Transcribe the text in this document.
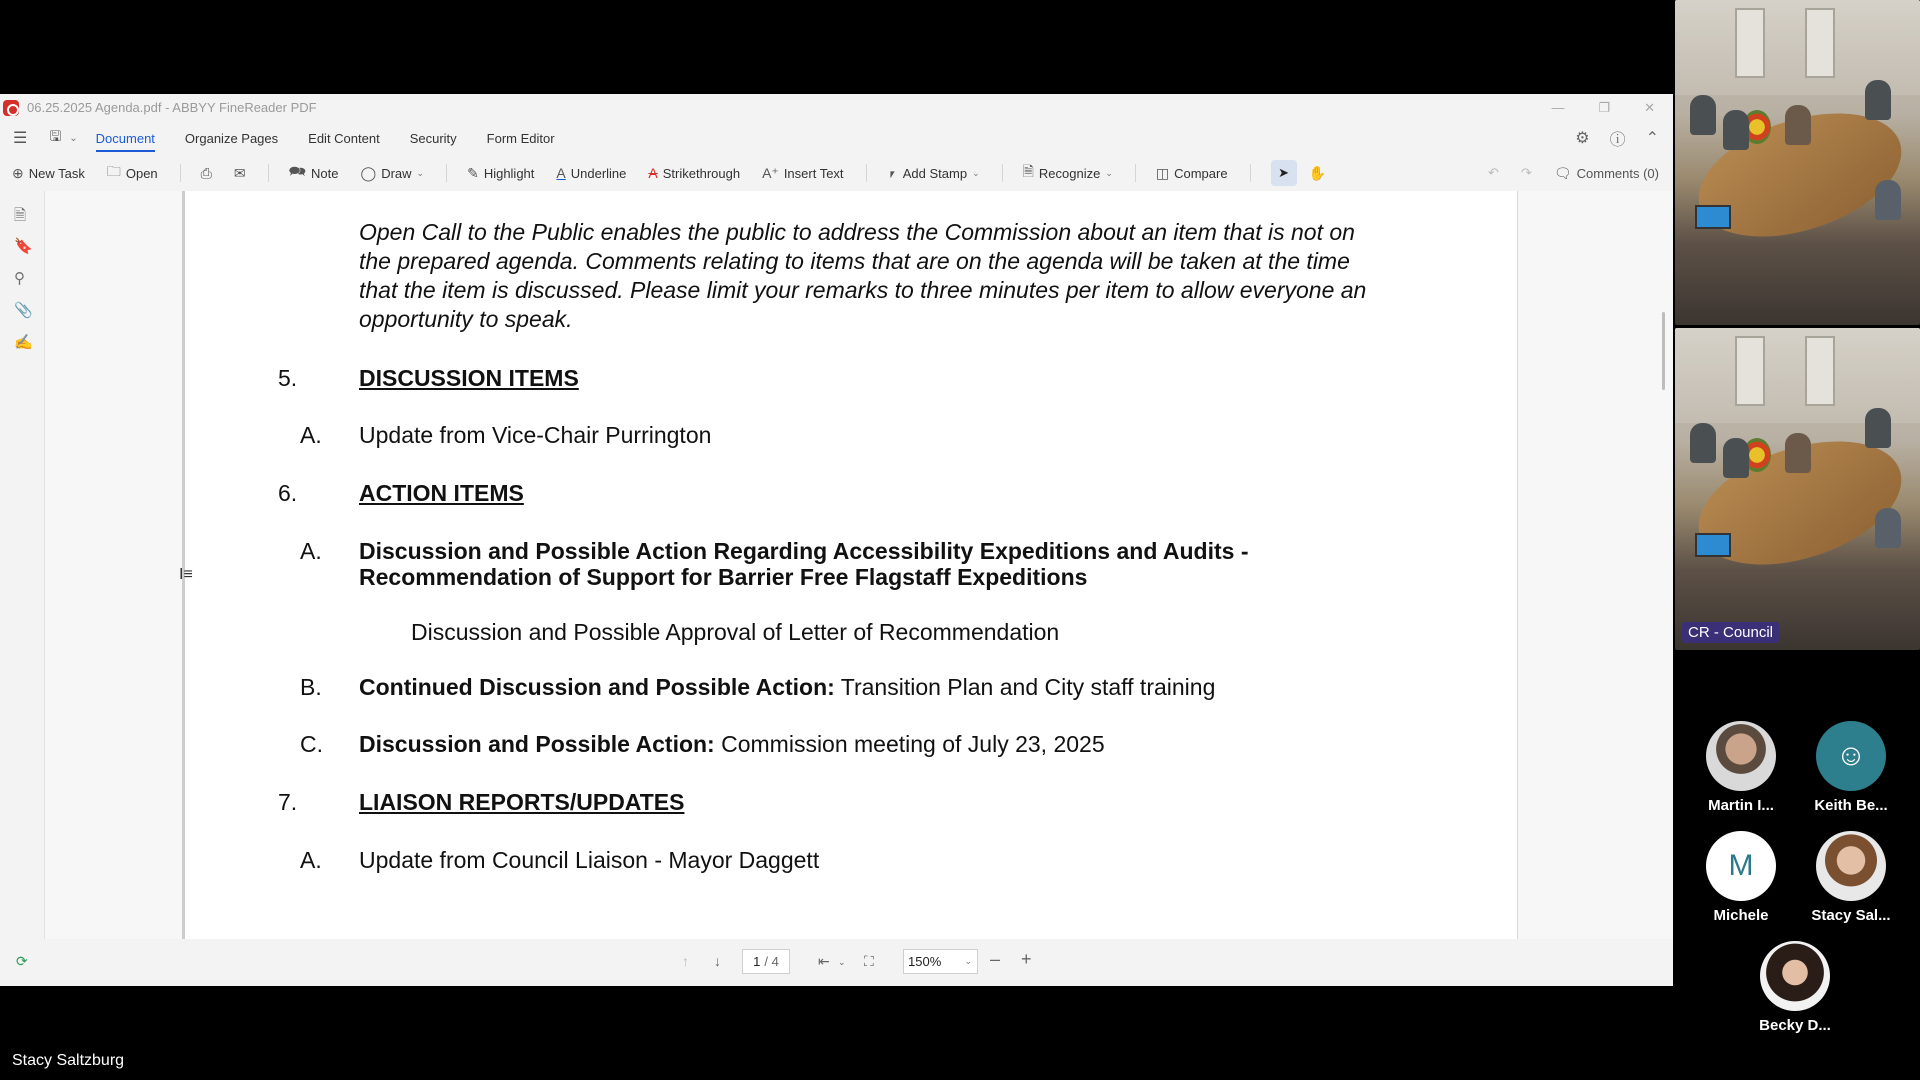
06.25.2025 Agenda.pdf - ABBYY FineReader PDF	—	❐	✕
☰ 🖫 ⌄ Document Organize Pages Edit Content Security Form Editor	⚙ ⓘ ⌃
⊕ New Task 🗀 Open	⎙ ✉	🗪 Note ◯ Draw ⌄	✎ Highlight A Underline A Strikethrough A⁺ Insert Text	⎖ Add Stamp ⌄	🗎 Recognize ⌄	◫ Compare	➤ ✋	↶ ↷ 🗨 Comments (0)
🗎
🔖
⚲
📎
✍
Open Call to the Public enables the public to address the Commission about an item that is not on
the prepared agenda. Comments relating to items that are on the agenda will be taken at the time
that the item is discussed. Please limit your remarks to three minutes per item to allow everyone an
opportunity to speak.
5.	DISCUSSION ITEMS
A. Update from Vice-Chair Purrington
6.	ACTION ITEMS
A. Discussion and Possible Action Regarding Accessibility Expeditions and Audits -
Recommendation of Support for Barrier Free Flagstaff Expeditions
Discussion and Possible Approval of Letter of Recommendation
B. Continued Discussion and Possible Action: Transition Plan and City staff training
C. Discussion and Possible Action: Commission meeting of July 23, 2025
7.	LIAISON REPORTS/UPDATES
A. Update from Council Liaison - Mayor Daggett
⟳	↑ ↓ 1 / 4	⇤ ⌄ ⛶	150%	⌄ – +
I≡
CR - Council
Martin I...
☺
Keith Be...
M
Michele	Stacy Sal...
Becky D...
Stacy Saltzburg
